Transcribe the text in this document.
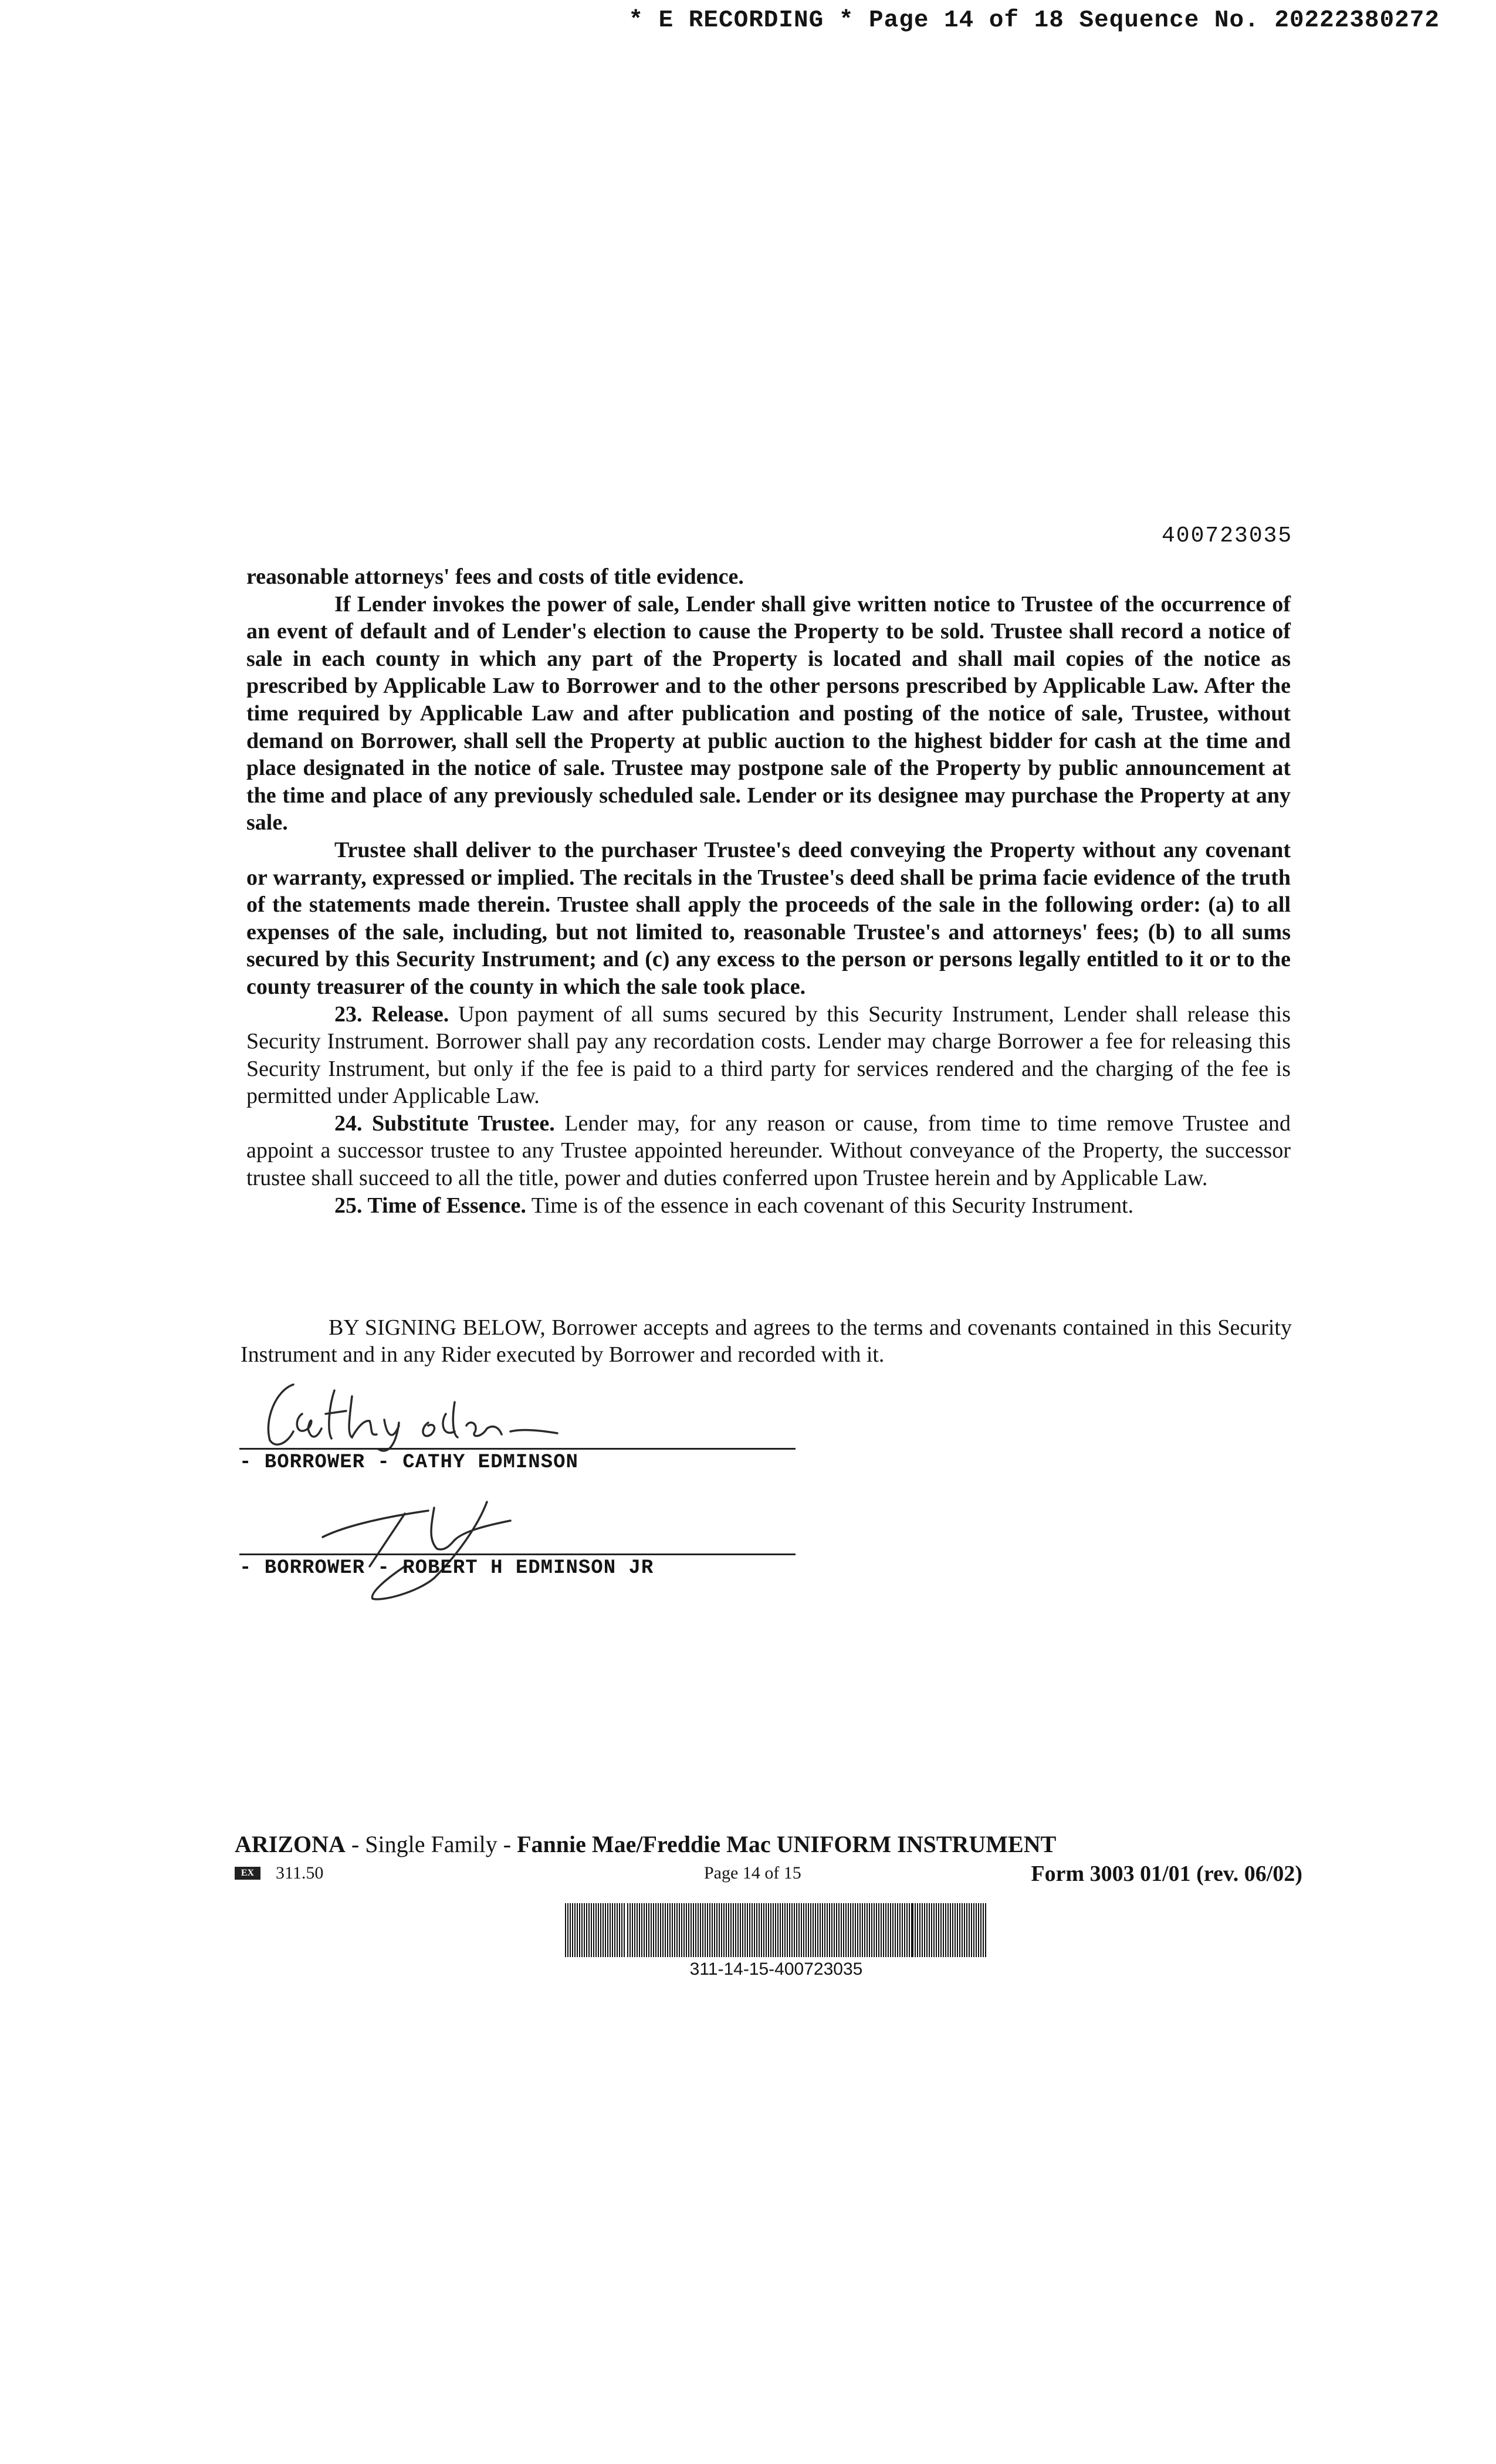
* E RECORDING * Page 14 of 18 Sequence No. 20222380272
400723035

reasonable attorneys' fees and costs of title evidence.

If Lender invokes the power of sale, Lender shall give written notice to Trustee of the occurrence of an event of default and of Lender's election to cause the Property to be sold. Trustee shall record a notice of sale in each county in which any part of the Property is located and shall mail copies of the notice as prescribed by Applicable Law to Borrower and to the other persons prescribed by Applicable Law. After the time required by Applicable Law and after publication and posting of the notice of sale, Trustee, without demand on Borrower, shall sell the Property at public auction to the highest bidder for cash at the time and place designated in the notice of sale. Trustee may postpone sale of the Property by public announcement at the time and place of any previously scheduled sale. Lender or its designee may purchase the Property at any sale.

Trustee shall deliver to the purchaser Trustee's deed conveying the Property without any covenant or warranty, expressed or implied. The recitals in the Trustee's deed shall be prima facie evidence of the truth of the statements made therein. Trustee shall apply the proceeds of the sale in the following order: (a) to all expenses of the sale, including, but not limited to, reasonable Trustee's and attorneys' fees; (b) to all sums secured by this Security Instrument; and (c) any excess to the person or persons legally entitled to it or to the county treasurer of the county in which the sale took place.

23. Release. Upon payment of all sums secured by this Security Instrument, Lender shall release this Security Instrument. Borrower shall pay any recordation costs. Lender may charge Borrower a fee for releasing this Security Instrument, but only if the fee is paid to a third party for services rendered and the charging of the fee is permitted under Applicable Law.

24. Substitute Trustee. Lender may, for any reason or cause, from time to time remove Trustee and appoint a successor trustee to any Trustee appointed hereunder. Without conveyance of the Property, the successor trustee shall succeed to all the title, power and duties conferred upon Trustee herein and by Applicable Law.

25. Time of Essence. Time is of the essence in each covenant of this Security Instrument.

BY SIGNING BELOW, Borrower accepts and agrees to the terms and covenants contained in this Security Instrument and in any Rider executed by Borrower and recorded with it.

- BORROWER - CATHY EDMINSON
- BORROWER - ROBERT H EDMINSON JR
ARIZONA - Single Family - Fannie Mae/Freddie Mac UNIFORM INSTRUMENT
EX	311.50	Page 14 of 15	Form 3003 01/01 (rev. 06/02)
311-14-15-400723035
